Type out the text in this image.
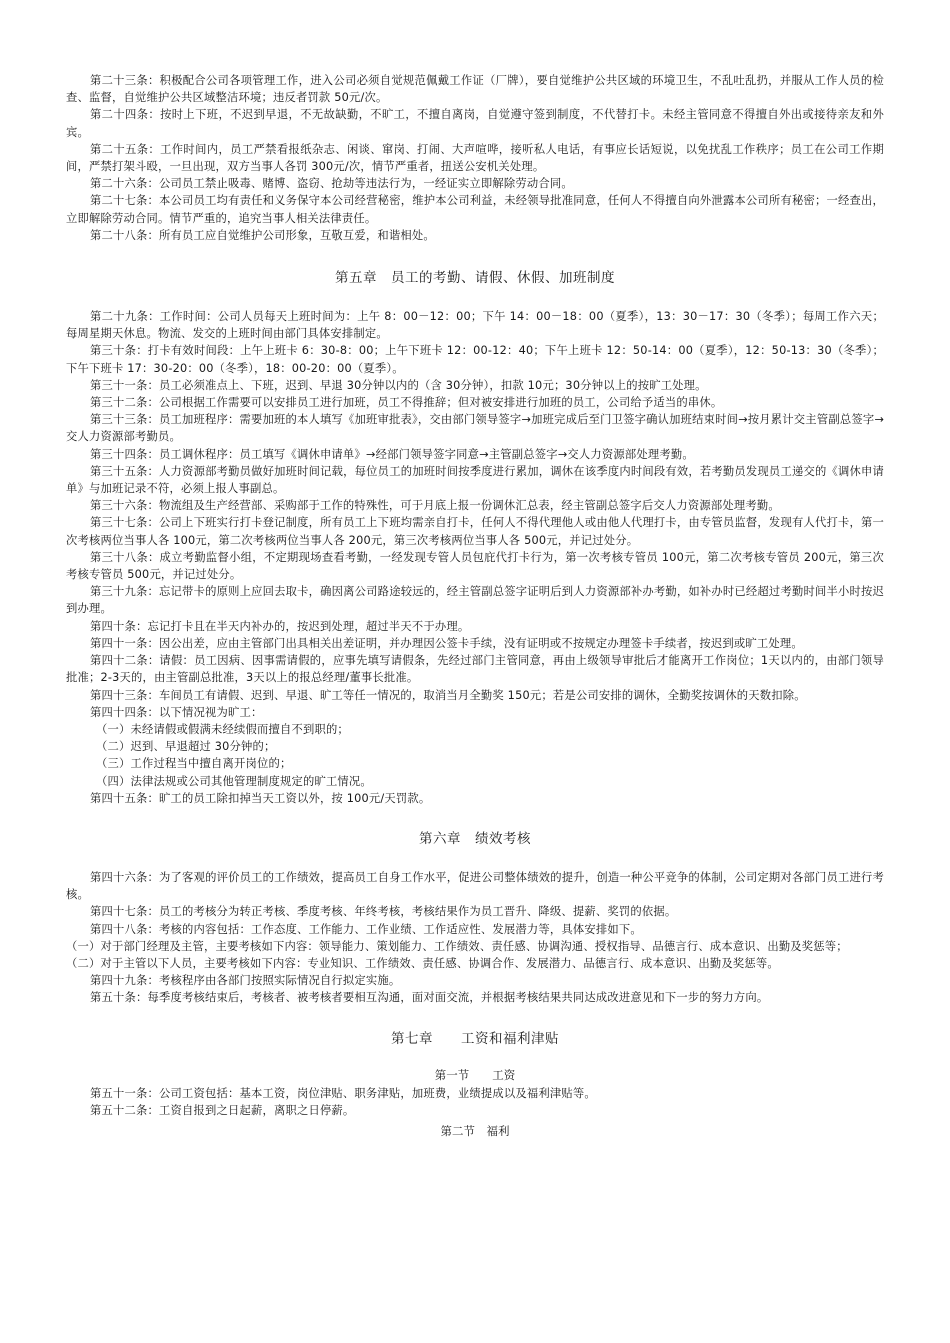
第二十三条：积极配合公司各项管理工作，进入公司必须自觉规范佩戴工作证（厂牌），要自觉维护公共区域的环境卫生，不乱吐乱扔，并服从工作人员的检查、监督，自觉维护公共区域整洁环境；违反者罚款 50元/次。

第二十四条：按时上下班，不迟到早退，不无故缺勤，不旷工，不擅自离岗，自觉遵守签到制度，不代替打卡。未经主管同意不得擅自外出或接待亲友和外宾。

第二十五条：工作时间内，员工严禁看报纸杂志、闲谈、窜岗、打闹、大声喧哗，接听私人电话，有事应长话短说，以免扰乱工作秩序；员工在公司工作期间，严禁打架斗殴，一旦出现，双方当事人各罚 300元/次，情节严重者，扭送公安机关处理。

第二十六条：公司员工禁止吸毒、赌博、盗窃、抢劫等违法行为，一经证实立即解除劳动合同。

第二十七条：本公司员工均有责任和义务保守本公司经营秘密，维护本公司利益，未经领导批准同意，任何人不得擅自向外泄露本公司所有秘密；一经查出，立即解除劳动合同。情节严重的，追究当事人相关法律责任。

第二十八条：所有员工应自觉维护公司形象，互敬互爱，和谐相处。

第五章　员工的考勤、请假、休假、加班制度

第二十九条：工作时间：公司人员每天上班时间为：上午 8：00－12：00；下午 14：00－18：00（夏季），13：30－17：30（冬季）；每周工作六天；每周星期天休息。物流、发交的上班时间由部门具体安排制定。

第三十条：打卡有效时间段：上午上班卡 6：30-8：00；上午下班卡 12：00-12：40；下午上班卡 12：50-14：00（夏季），12：50-13：30（冬季）；下午下班卡 17：30-20：00（冬季），18：00-20：00（夏季）。

第三十一条：员工必须准点上、下班，迟到、早退 30分钟以内的（含 30分钟），扣款 10元；30分钟以上的按旷工处理。

第三十二条：公司根据工作需要可以安排员工进行加班，员工不得推辞；但对被安排进行加班的员工，公司给予适当的串休。

第三十三条：员工加班程序：需要加班的本人填写《加班审批表》，交由部门领导签字→加班完成后至门卫签字确认加班结束时间→按月累计交主管副总签字→交人力资源部考勤员。

第三十四条：员工调休程序：员工填写《调休申请单》→经部门领导签字同意→主管副总签字→交人力资源部处理考勤。

第三十五条：人力资源部考勤员做好加班时间记载，每位员工的加班时间按季度进行累加，调休在该季度内时间段有效，若考勤员发现员工递交的《调休申请单》与加班记录不符，必须上报人事副总。

第三十六条：物流组及生产经营部、采购部于工作的特殊性，可于月底上报一份调休汇总表，经主管副总签字后交人力资源部处理考勤。

第三十七条：公司上下班实行打卡登记制度，所有员工上下班均需亲自打卡，任何人不得代理他人或由他人代理打卡，由专管员监督，发现有人代打卡，第一次考核两位当事人各 100元，第二次考核两位当事人各 200元，第三次考核两位当事人各 500元，并记过处分。

第三十八条：成立考勤监督小组，不定期现场查看考勤，一经发现专管人员包庇代打卡行为，第一次考核专管员 100元，第二次考核专管员 200元，第三次考核专管员 500元，并记过处分。

第三十九条：忘记带卡的原则上应回去取卡，确因离公司路途较远的，经主管副总签字证明后到人力资源部补办考勤，如补办时已经超过考勤时间半小时按迟到办理。

第四十条：忘记打卡且在半天内补办的，按迟到处理，超过半天不于办理。

第四十一条：因公出差，应由主管部门出具相关出差证明，并办理因公签卡手续，没有证明或不按规定办理签卡手续者，按迟到或旷工处理。

第四十二条：请假：员工因病、因事需请假的，应事先填写请假条，先经过部门主管同意，再由上级领导审批后才能离开工作岗位；1天以内的，由部门领导批准；2-3天的，由主管副总批准，3天以上的报总经理/董事长批准。

第四十三条：车间员工有请假、迟到、早退、旷工等任一情况的，取消当月全勤奖 150元；若是公司安排的调休，全勤奖按调休的天数扣除。

第四十四条：以下情况视为旷工：

（一）未经请假或假满未经续假而擅自不到职的；

（二）迟到、早退超过 30分钟的；

（三）工作过程当中擅自离开岗位的；

（四）法律法规或公司其他管理制度规定的旷工情况。

第四十五条：旷工的员工除扣掉当天工资以外，按 100元/天罚款。

第六章　绩效考核

第四十六条：为了客观的评价员工的工作绩效，提高员工自身工作水平，促进公司整体绩效的提升，创造一种公平竞争的体制，公司定期对各部门员工进行考核。

第四十七条：员工的考核分为转正考核、季度考核、年终考核，考核结果作为员工晋升、降级、提薪、奖罚的依据。

第四十八条：考核的内容包括：工作态度、工作能力、工作业绩、工作适应性、发展潜力等，具体安排如下。

（一）对于部门经理及主管，主要考核如下内容：领导能力、策划能力、工作绩效、责任感、协调沟通、授权指导、品德言行、成本意识、出勤及奖惩等；

（二）对于主管以下人员，主要考核如下内容：专业知识、工作绩效、责任感、协调合作、发展潜力、品德言行、成本意识、出勤及奖惩等。

第四十九条：考核程序由各部门按照实际情况自行拟定实施。

第五十条：每季度考核结束后，考核者、被考核者要相互沟通，面对面交流，并根据考核结果共同达成改进意见和下一步的努力方向。

第七章　　工资和福利津贴

第一节　　工资

第五十一条：公司工资包括：基本工资，岗位津贴、职务津贴，加班费，业绩提成以及福利津贴等。

第五十二条：工资自报到之日起薪，离职之日停薪。

第二节　福利
